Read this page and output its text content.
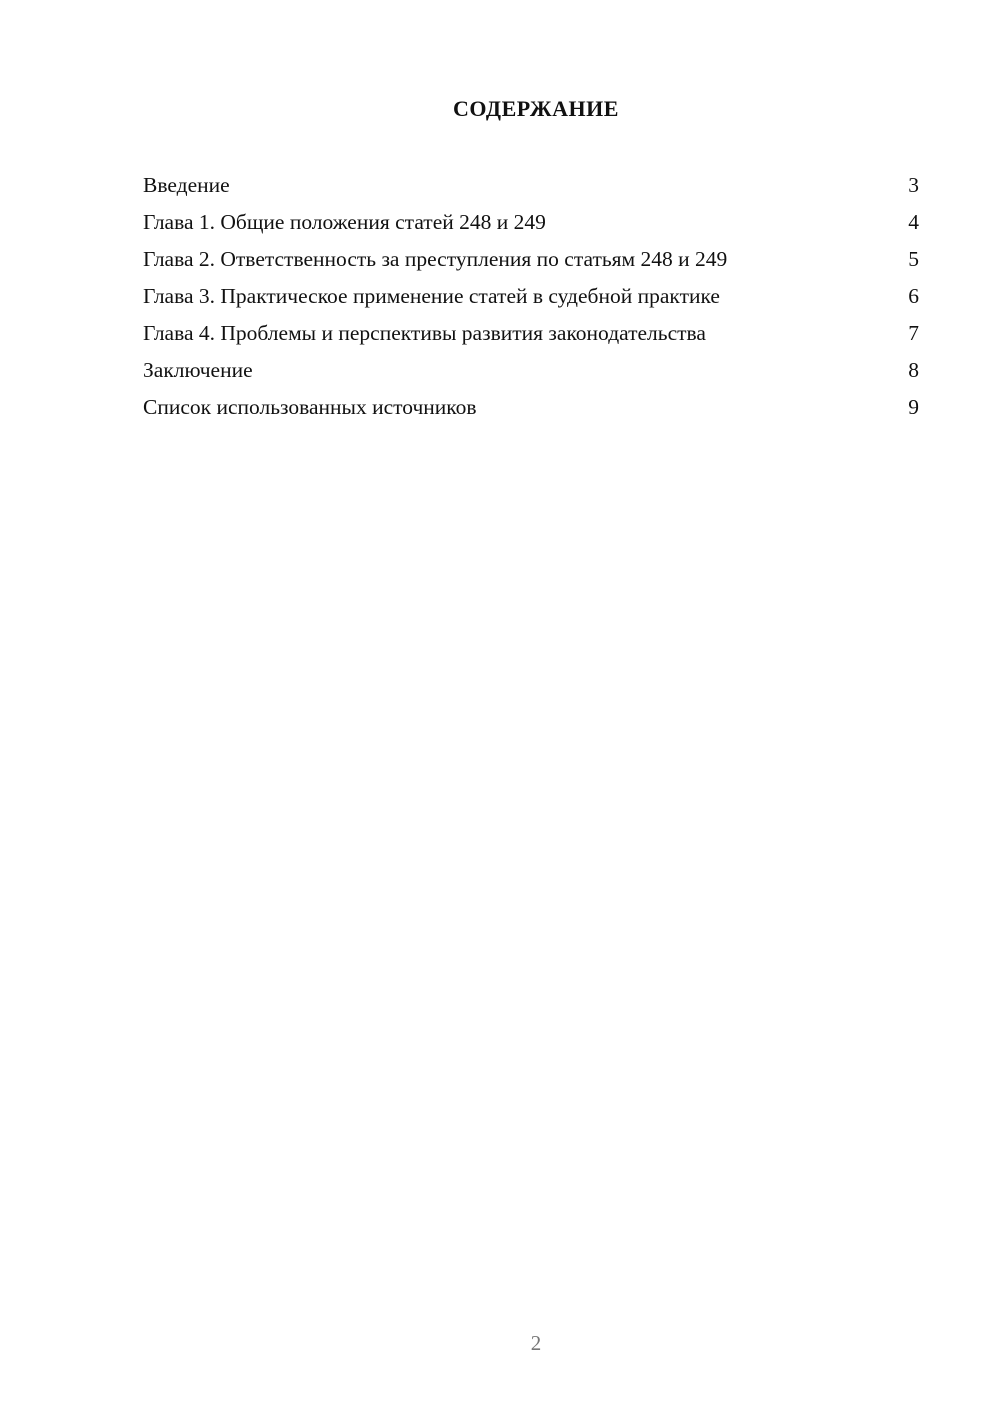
СОДЕРЖАНИЕ
Введение	3
Глава 1. Общие положения статей 248 и 249	4
Глава 2. Ответственность за преступления по статьям 248 и 249	5
Глава 3. Практическое применение статей в судебной практике	6
Глава 4. Проблемы и перспективы развития законодательства	7
Заключение	8
Список использованных источников	9
2
